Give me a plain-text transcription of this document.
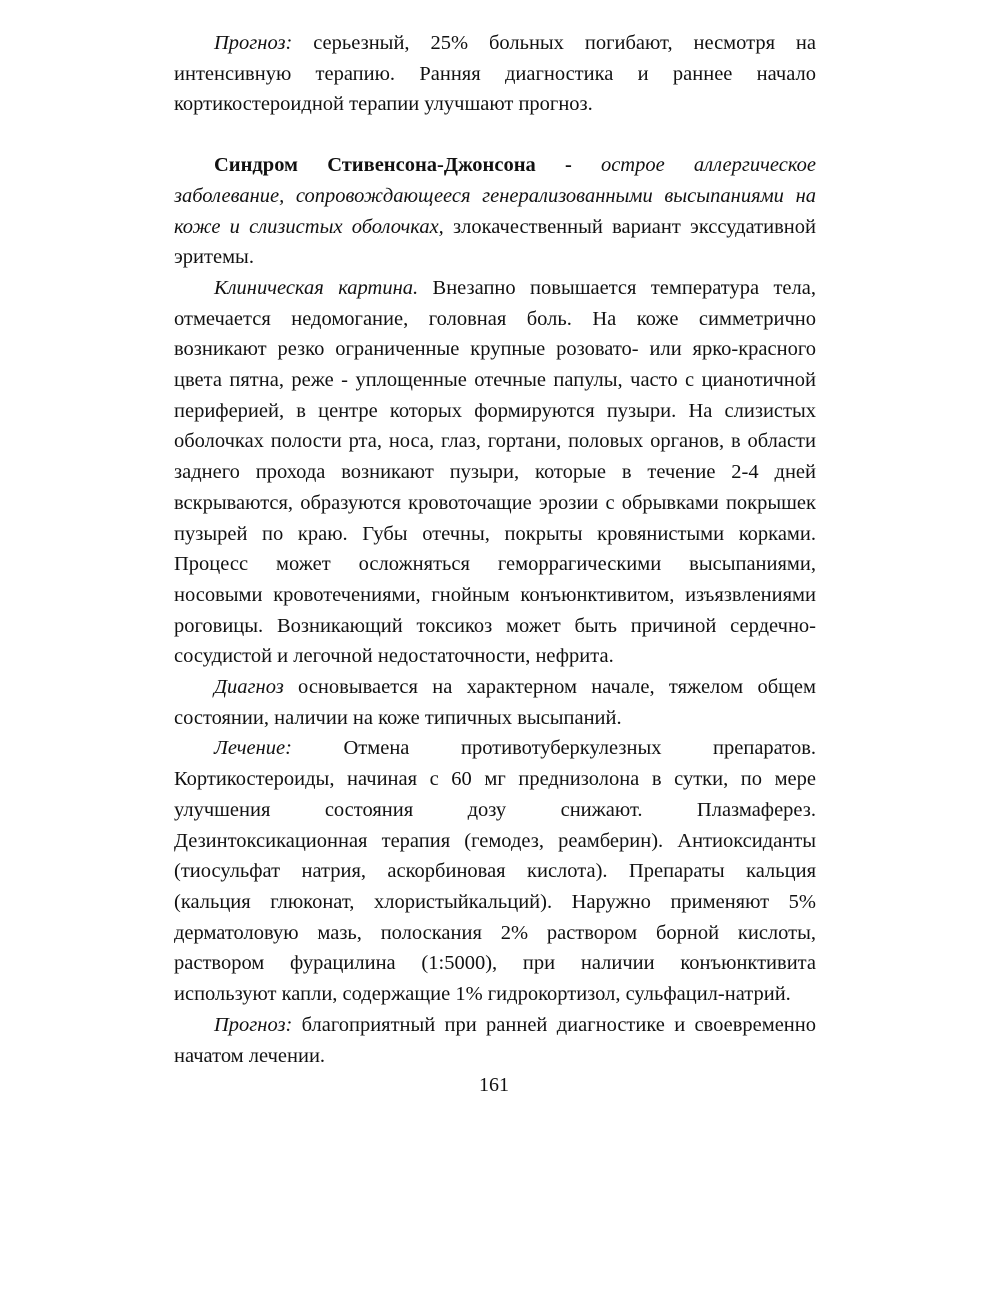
Прогноз: серьезный, 25% больных погибают, несмотря на интенсивную терапию. Ранняя диагностика и раннее начало кортикостероидной терапии улучшают прогноз.

Синдром Стивенсона-Джонсона - острое аллергическое заболевание, сопровождающееся генерализованными высыпаниями на коже и слизистых оболочках, злокачественный вариант экссудативной эритемы.

Клиническая картина. Внезапно повышается температура тела, отмечается недомогание, головная боль. На коже симметрично возникают резко ограниченные крупные розовато- или ярко-красного цвета пятна, реже - уплощенные отечные папулы, часто с цианотичной периферией, в центре которых формируются пузыри. На слизистых оболочках полости рта, носа, глаз, гортани, половых органов, в области заднего прохода возникают пузыри, которые в течение 2-4 дней вскрываются, образуются кровоточащие эрозии с обрывками покрышек пузырей по краю. Губы отечны, покрыты кровянистыми корками. Процесс может осложняться геморрагическими высыпаниями, носовыми кровотечениями, гнойным конъюнктивитом, изъязвлениями роговицы. Возникающий токсикоз может быть причиной сердечно-сосудистой и легочной недостаточности, нефрита.

Диагноз основывается на характерном начале, тяжелом общем состоянии, наличии на коже типичных высыпаний.

Лечение: Отмена противотуберкулезных препаратов. Кортикостероиды, начиная с 60 мг преднизолона в сутки, по мере улучшения состояния дозу снижают. Плазмаферез. Дезинтоксикационная терапия (гемодез, реамберин). Антиоксиданты (тиосульфат натрия, аскорбиновая кислота). Препараты кальция (кальция глюконат, хлористыйкальций). Наружно применяют 5% дерматоловую мазь, полоскания 2% раствором борной кислоты, раствором фурацилина (1:5000), при наличии конъюнктивита используют капли, содержащие 1% гидрокортизол, сульфацил-натрий.

Прогноз: благоприятный при ранней диагностике и своевременно начатом лечении.

161
